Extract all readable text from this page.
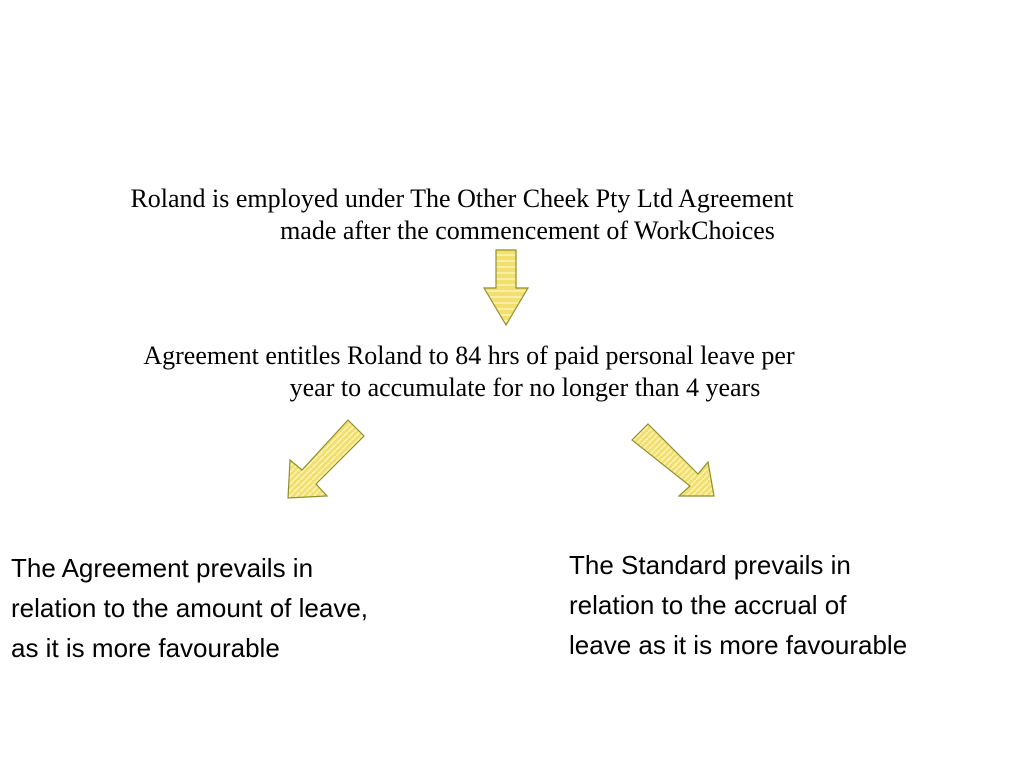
Roland is employed under The Other Cheek Pty Ltd Agreement
made after the commencement of WorkChoices
Agreement entitles Roland to 84 hrs of paid personal leave per
year to accumulate for no longer than 4 years
The Agreement prevails in
relation to the amount of leave,
as it is more favourable
The Standard prevails in
relation to the accrual of
leave as it is more favourable
